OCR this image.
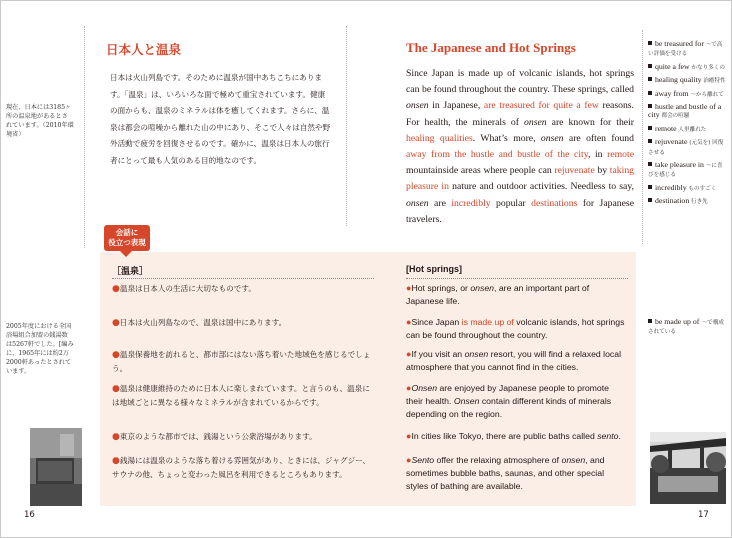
現在、日本には3185ヶ所の温泉地があるとされています。（2010年環境省）
2005年度における全国浴場組合加盟の銭湯数は5267軒でした。[編みに、1965年には約2万2000軒あったとされています。
日本人と温泉
日本は火山列島です。そのために温泉が国中あちこちにあります。「温泉」は、いろいろな面で極めて重宝されています。健康の面からも、温泉のミネラルは体を癒してくれます。さらに、温泉は都会の喧噪から離れた山の中にあり、そこで人々は自然や野外活動で疲労を回復させるのです。確かに、温泉は日本人の旅行者にとって最も人気のある目的地なのです。
The Japanese and Hot Springs
Since Japan is made up of volcanic islands, hot springs can be found throughout the country. These springs, called onsen in Japanese, are treasured for quite a few reasons. For health, the minerals of onsen are known for their healing qualities. What’s more, onsen are often found away from the hustle and bustle of the city, in remote mountainside areas where people can rejuvenate by taking pleasure in nature and outdoor activities. Needless to say, onsen are incredibly popular destinations for Japanese travelers.
be treasured for 〜で高い評価を受ける
quite a few かなり多くの
healing quality 治癒特性
away from 〜から離れて
hustle and bustle of a city 都会の喧騒
remote 人里離れた
rejuvenate (元気を) 回復させる
take pleasure in 〜に喜びを感じる
incredibly ものすごく
destination 行き先
be made up of 〜で構成されている
会話に
役立つ表現
［温泉］	[Hot springs]
●温泉は日本人の生活に大切なものです。
●日本は火山列島なので、温泉は国中にあります。
●温泉保養地を訪れると、都市部にはない落ち着いた地域色を感じるでしょう。
●温泉は健康維持のために日本人に楽しまれています。と言うのも、温泉には地域ごとに異なる様々なミネラルが含まれているからです。
●東京のような都市では、銭湯という公衆浴場があります。
●銭湯には温泉のような落ち着ける雰囲気があり、ときには、ジャグジー、サウナの他、ちょっと変わった風呂を利用できるところもあります。
●Hot springs, or onsen, are an important part of Japanese life.
●Since Japan is made up of volcanic islands, hot springs can be found throughout the country.
●If you visit an onsen resort, you will find a relaxed local atmosphere that you cannot find in the cities.
●Onsen are enjoyed by Japanese people to promote their health. Onsen contain different kinds of minerals depending on the region.
●In cities like Tokyo, there are public baths called sento.
●Sento offer the relaxing atmosphere of onsen, and sometimes bubble baths, saunas, and other special styles of bathing are available.
16	17
